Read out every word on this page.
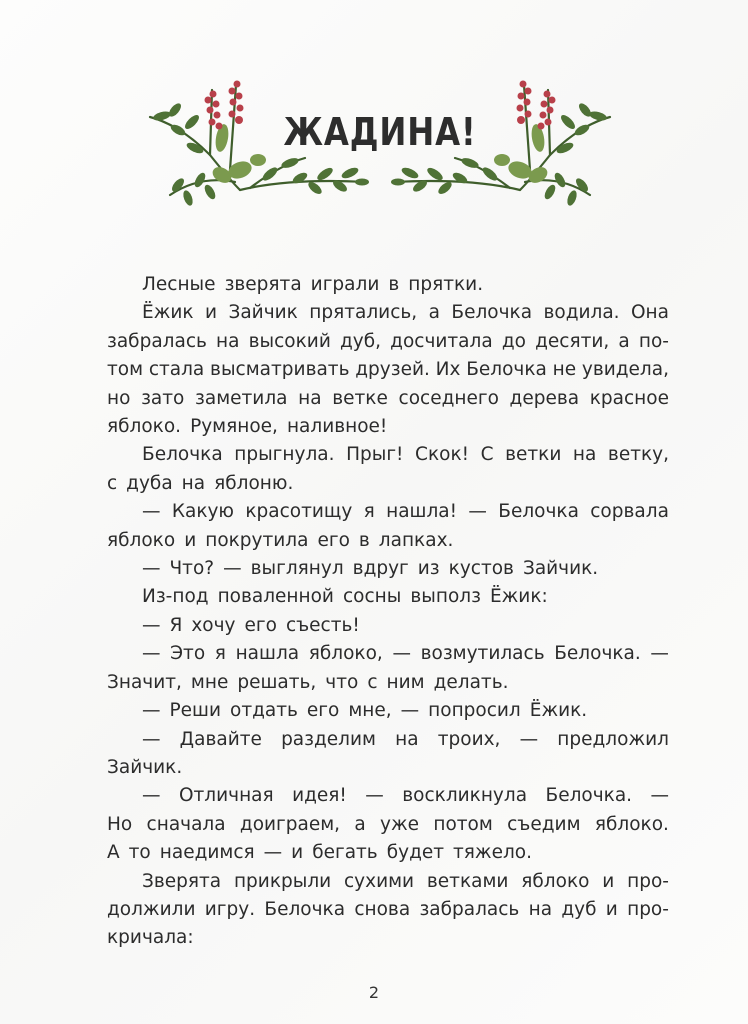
ЖАДИНА!
Лесные зверята играли в прятки.
Ёжик и Зайчик прятались, а Белочка водила. Она
забралась на высокий дуб, досчитала до десяти, а по-
том стала высматривать друзей. Их Белочка не увидела,
но зато заметила на ветке соседнего дерева красное
яблоко. Румяное, наливное!
Белочка прыгнула. Прыг! Скок! С ветки на ветку,
с дуба на яблоню.
— Какую красотищу я нашла! — Белочка сорвала
яблоко и покрутила его в лапках.
— Что? — выглянул вдруг из кустов Зайчик.
Из-под поваленной сосны выполз Ёжик:
— Я хочу его съесть!
— Это я нашла яблоко, — возмутилась Белочка. —
Значит, мне решать, что с ним делать.
— Реши отдать его мне, — попросил Ёжик.
— Давайте разделим на троих, — предложил
Зайчик.
— Отличная идея! — воскликнула Белочка. —
Но сначала доиграем, а уже потом съедим яблоко.
А то наедимся — и бегать будет тяжело.
Зверята прикрыли сухими ветками яблоко и про-
должили игру. Белочка снова забралась на дуб и про-
кричала:
2
